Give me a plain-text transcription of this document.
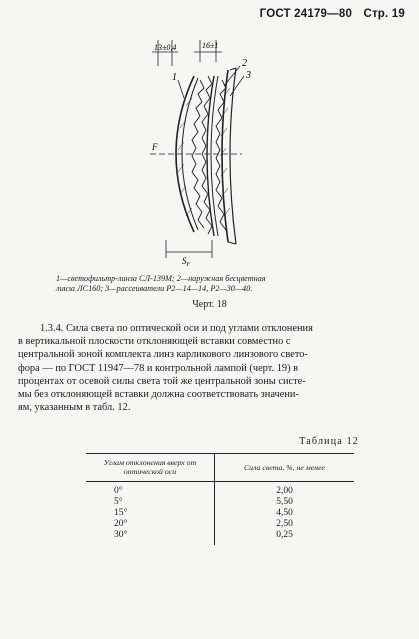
ГОСТ 24179—80 Стр. 19
13±0,4	16±1
1
2
3
F
$S_F$
1—светофильтр-линза СЛ-139М; 2—наружная бесцветная
линза ЛС160; 3—рассеиватели Р2—14—14, Р2—30—40.
Черт. 18
1.3.4. Сила света по оптической оси и под углами отклонения
в вертикальной плоскости отклоняющей вставки совместно с
центральной зоной комплекта линз карликового линзового свето-
фора — по ГОСТ 11947—78 и контрольной лампой (черт. 19) в
процентах от осевой силы света той же центральной зоны систе-
мы без отклоняющей вставки должна соответствовать значени-
ям, указанным в табл. 12.
Таблица 12
Углам отклонения вверх от оптической оси	Сила света, %, не менее
0°	2,00
5°	5,50
15°	4,50
20°	2,50
30°	0,25
